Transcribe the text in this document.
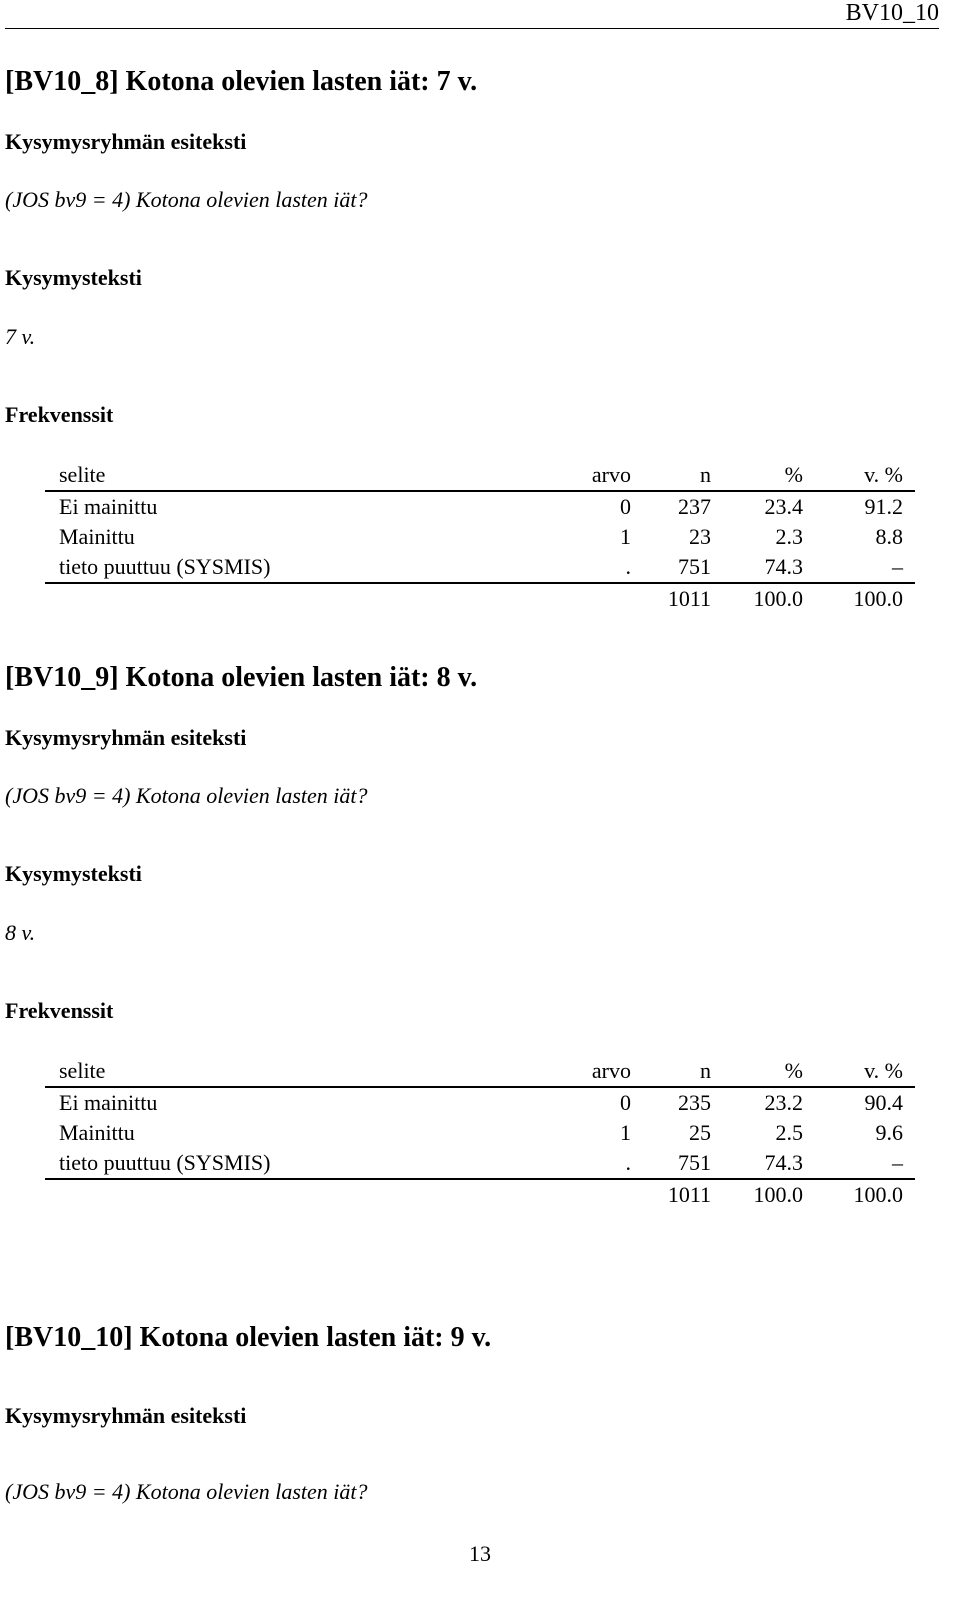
BV10_10
[BV10_8] Kotona olevien lasten iät: 7 v.
Kysymysryhmän esiteksti
(JOS bv9 = 4) Kotona olevien lasten iät?
Kysymysteksti
7 v.
Frekvenssit
selite	arvo	n	%	v. %
Ei mainittu	0	237	23.4	91.2
Mainittu	1	23	2.3	8.8
tieto puuttuu (SYSMIS)	.	751	74.3	–
		1011	100.0	100.0
[BV10_9] Kotona olevien lasten iät: 8 v.
Kysymysryhmän esiteksti
(JOS bv9 = 4) Kotona olevien lasten iät?
Kysymysteksti
8 v.
Frekvenssit
selite	arvo	n	%	v. %
Ei mainittu	0	235	23.2	90.4
Mainittu	1	25	2.5	9.6
tieto puuttuu (SYSMIS)	.	751	74.3	–
		1011	100.0	100.0
[BV10_10] Kotona olevien lasten iät: 9 v.
Kysymysryhmän esiteksti
(JOS bv9 = 4) Kotona olevien lasten iät?
13
